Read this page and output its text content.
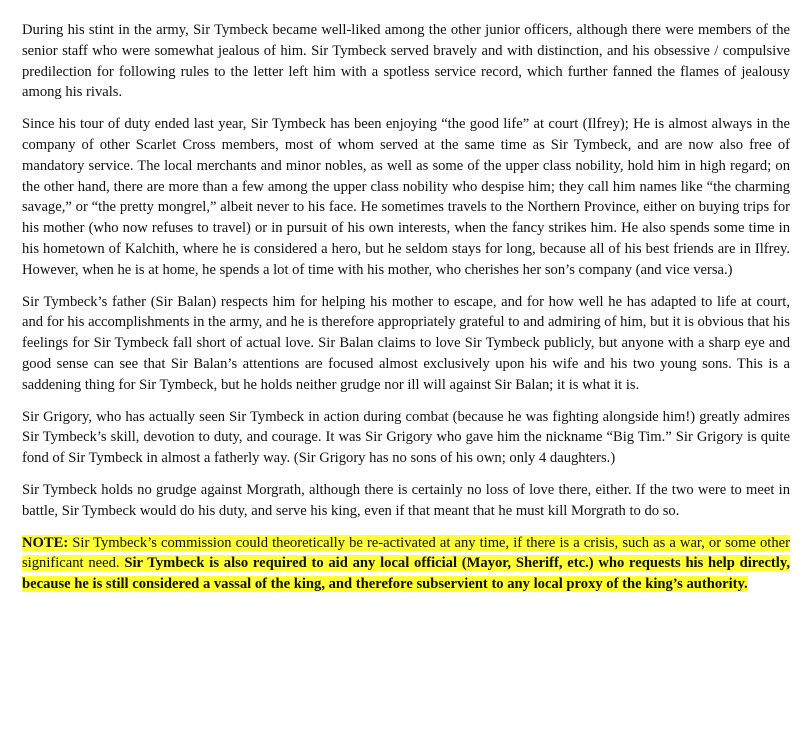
During his stint in the army, Sir Tymbeck became well-liked among the other junior officers, although there were members of the senior staff who were somewhat jealous of him. Sir Tymbeck served bravely and with distinction, and his obsessive / compulsive predilection for following rules to the letter left him with a spotless service record, which further fanned the flames of jealousy among his rivals.

Since his tour of duty ended last year, Sir Tymbeck has been enjoying “the good life” at court (Ilfrey); He is almost always in the company of other Scarlet Cross members, most of whom served at the same time as Sir Tymbeck, and are now also free of mandatory service. The local merchants and minor nobles, as well as some of the upper class nobility, hold him in high regard; on the other hand, there are more than a few among the upper class nobility who despise him; they call him names like “the charming savage,” or “the pretty mongrel,” albeit never to his face. He sometimes travels to the Northern Province, either on buying trips for his mother (who now refuses to travel) or in pursuit of his own interests, when the fancy strikes him. He also spends some time in his hometown of Kalchith, where he is considered a hero, but he seldom stays for long, because all of his best friends are in Ilfrey. However, when he is at home, he spends a lot of time with his mother, who cherishes her son’s company (and vice versa.)

Sir Tymbeck’s father (Sir Balan) respects him for helping his mother to escape, and for how well he has adapted to life at court, and for his accomplishments in the army, and he is therefore appropriately grateful to and admiring of him, but it is obvious that his feelings for Sir Tymbeck fall short of actual love. Sir Balan claims to love Sir Tymbeck publicly, but anyone with a sharp eye and good sense can see that Sir Balan’s attentions are focused almost exclusively upon his wife and his two young sons. This is a saddening thing for Sir Tymbeck, but he holds neither grudge nor ill will against Sir Balan; it is what it is.

Sir Grigory, who has actually seen Sir Tymbeck in action during combat (because he was fighting alongside him!) greatly admires Sir Tymbeck’s skill, devotion to duty, and courage. It was Sir Grigory who gave him the nickname “Big Tim.” Sir Grigory is quite fond of Sir Tymbeck in almost a fatherly way. (Sir Grigory has no sons of his own; only 4 daughters.)

Sir Tymbeck holds no grudge against Morgrath, although there is certainly no loss of love there, either. If the two were to meet in battle, Sir Tymbeck would do his duty, and serve his king, even if that meant that he must kill Morgrath to do so.

NOTE: Sir Tymbeck’s commission could theoretically be re-activated at any time, if there is a crisis, such as a war, or some other significant need. Sir Tymbeck is also required to aid any local official (Mayor, Sheriff, etc.) who requests his help directly, because he is still considered a vassal of the king, and therefore subservient to any local proxy of the king’s authority.
